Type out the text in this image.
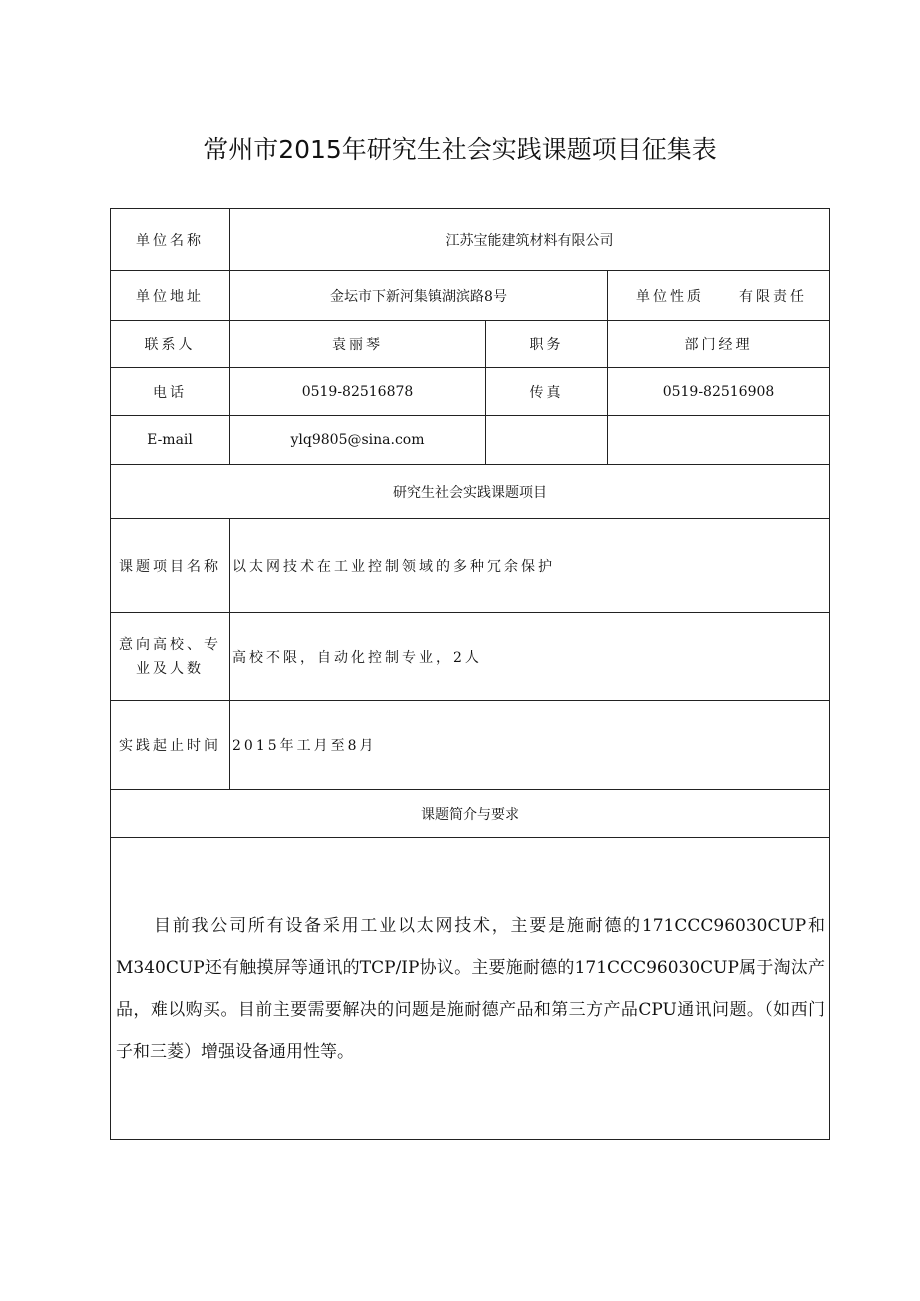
常州市2015年研究生社会实践课题项目征集表
单位名称	江苏宝能建筑材料有限公司		
单位地址	金坛市下新河集镇湖滨路8号		单位性质 有限责任

联系人	袁丽琴	职务	部门经理
电话	0519-82516878	传真	0519-82516908
E-mail	ylq9805@sina.com		
研究生社会实践课题项目			
课题项目名称	以太网技术在工业控制领域的多种冗余保护		
意向高校、专业及人数	高校不限，自动化控制专业，2人		
实践起止时间	2015年工月至8月		
课题简介与要求			

目前我公司所有设备采用工业以太网技术，主要是施耐德的171CCC96030CUP和M340CUP还有触摸屏等通讯的TCP/IP协议。主要施耐德的171CCC96030CUP属于淘汰产品，难以购买。目前主要需要解决的问题是施耐德产品和第三方产品CPU通讯问题。（如西门子和三菱）增强设备通用性等。			
